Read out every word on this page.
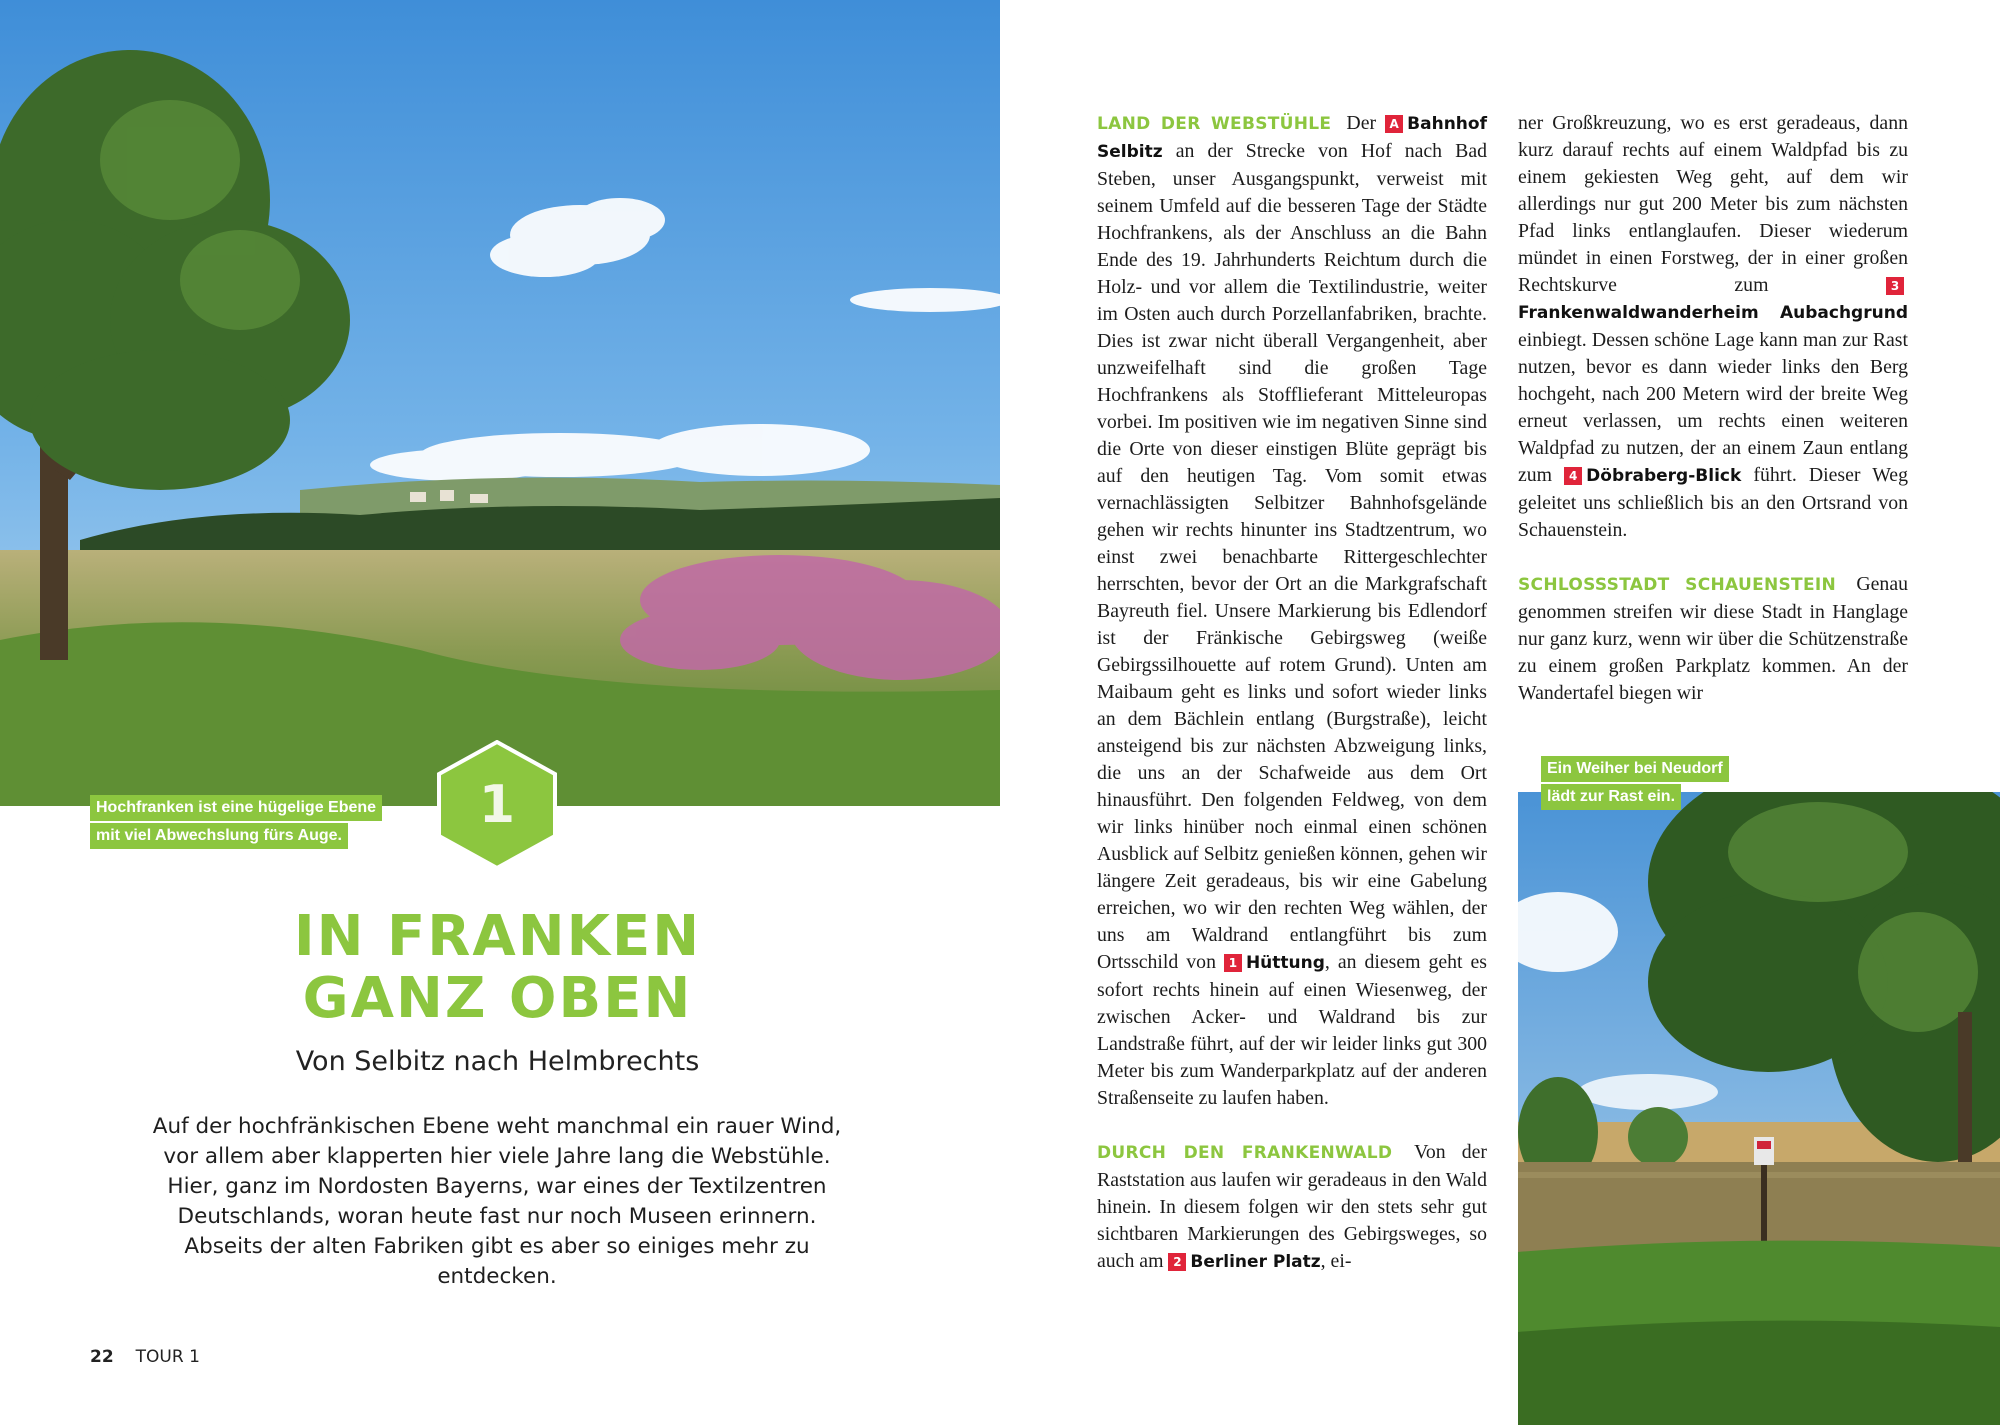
Hochfranken ist eine hügelige Ebene
mit viel Abwechslung fürs Auge.
1
IN FRANKEN
GANZ OBEN
Von Selbitz nach Helmbrechts
Auf der hochfränkischen Ebene weht manchmal ein rauer Wind, vor allem aber klapperten hier viele Jahre lang die Webstühle. Hier, ganz im Nordosten Bayerns, war eines der Textilzentren Deutschlands, woran heute fast nur noch Museen erinnern. Abseits der alten Fabriken gibt es aber so einiges mehr zu entdecken.
22 TOUR 1

LAND DER WEBSTÜHLE Der A Bahnhof Selbitz an der Strecke von Hof nach Bad Steben, unser Ausgangspunkt, verweist mit seinem Umfeld auf die besseren Tage der Städte Hochfrankens, als der Anschluss an die Bahn Ende des 19. Jahrhunderts Reichtum durch die Holz- und vor allem die Textilindustrie, weiter im Osten auch durch Porzellanfabriken, brachte. Dies ist zwar nicht überall Vergangenheit, aber unzweifelhaft sind die großen Tage Hochfrankens als Stofflieferant Mitteleuropas vorbei. Im positiven wie im negativen Sinne sind die Orte von dieser einstigen Blüte geprägt bis auf den heutigen Tag. Vom somit etwas vernachlässigten Selbitzer Bahnhofsgelände gehen wir rechts hinunter ins Stadtzentrum, wo einst zwei benachbarte Rittergeschlechter herrschten, bevor der Ort an die Markgrafschaft Bayreuth fiel. Unsere Markierung bis Edlendorf ist der Fränkische Gebirgsweg (weiße Gebirgssilhouette auf rotem Grund). Unten am Maibaum geht es links und sofort wieder links an dem Bächlein entlang (Burgstraße), leicht ansteigend bis zur nächsten Abzweigung links, die uns an der Schafweide aus dem Ort hinausführt. Den folgenden Feldweg, von dem wir links hinüber noch einmal einen schönen Ausblick auf Selbitz genießen können, gehen wir längere Zeit geradeaus, bis wir eine Gabelung erreichen, wo wir den rechten Weg wählen, der uns am Waldrand entlangführt bis zum Ortsschild von 1 Hüttung, an diesem geht es sofort rechts hinein auf einen Wiesenweg, der zwischen Acker- und Waldrand bis zur Landstraße führt, auf der wir leider links gut 300 Meter bis zum Wanderparkplatz auf der anderen Straßenseite zu laufen haben.

DURCH DEN FRANKENWALD Von der Raststation aus laufen wir geradeaus in den Wald hinein. In diesem folgen wir den stets sehr gut sichtbaren Markierungen des Gebirgsweges, so auch am 2 Berliner Platz, ei-

ner Großkreuzung, wo es erst geradeaus, dann kurz darauf rechts auf einem Waldpfad bis zu einem gekiesten Weg geht, auf dem wir allerdings nur gut 200 Meter bis zum nächsten Pfad links entlanglaufen. Dieser wiederum mündet in einen Forstweg, der in einer großen Rechtskurve zum	3Frankenwaldwanderheim Aubachgrund einbiegt. Dessen schöne Lage kann man zur Rast nutzen, bevor es dann wieder links den Berg hochgeht, nach 200 Metern wird der breite Weg erneut verlassen, um rechts einen weiteren Waldpfad zu nutzen, der an einem Zaun entlang zum 4 Döbraberg-Blick führt. Dieser Weg geleitet uns schließlich bis an den Ortsrand von Schauenstein.

SCHLOSSSTADT SCHAUENSTEIN Genau genommen streifen wir diese Stadt in Hanglage nur ganz kurz, wenn wir über die Schützenstraße zu einem großen Parkplatz kommen. An der Wandertafel biegen wir

Ein Weiher bei Neudorf
lädt zur Rast ein.
